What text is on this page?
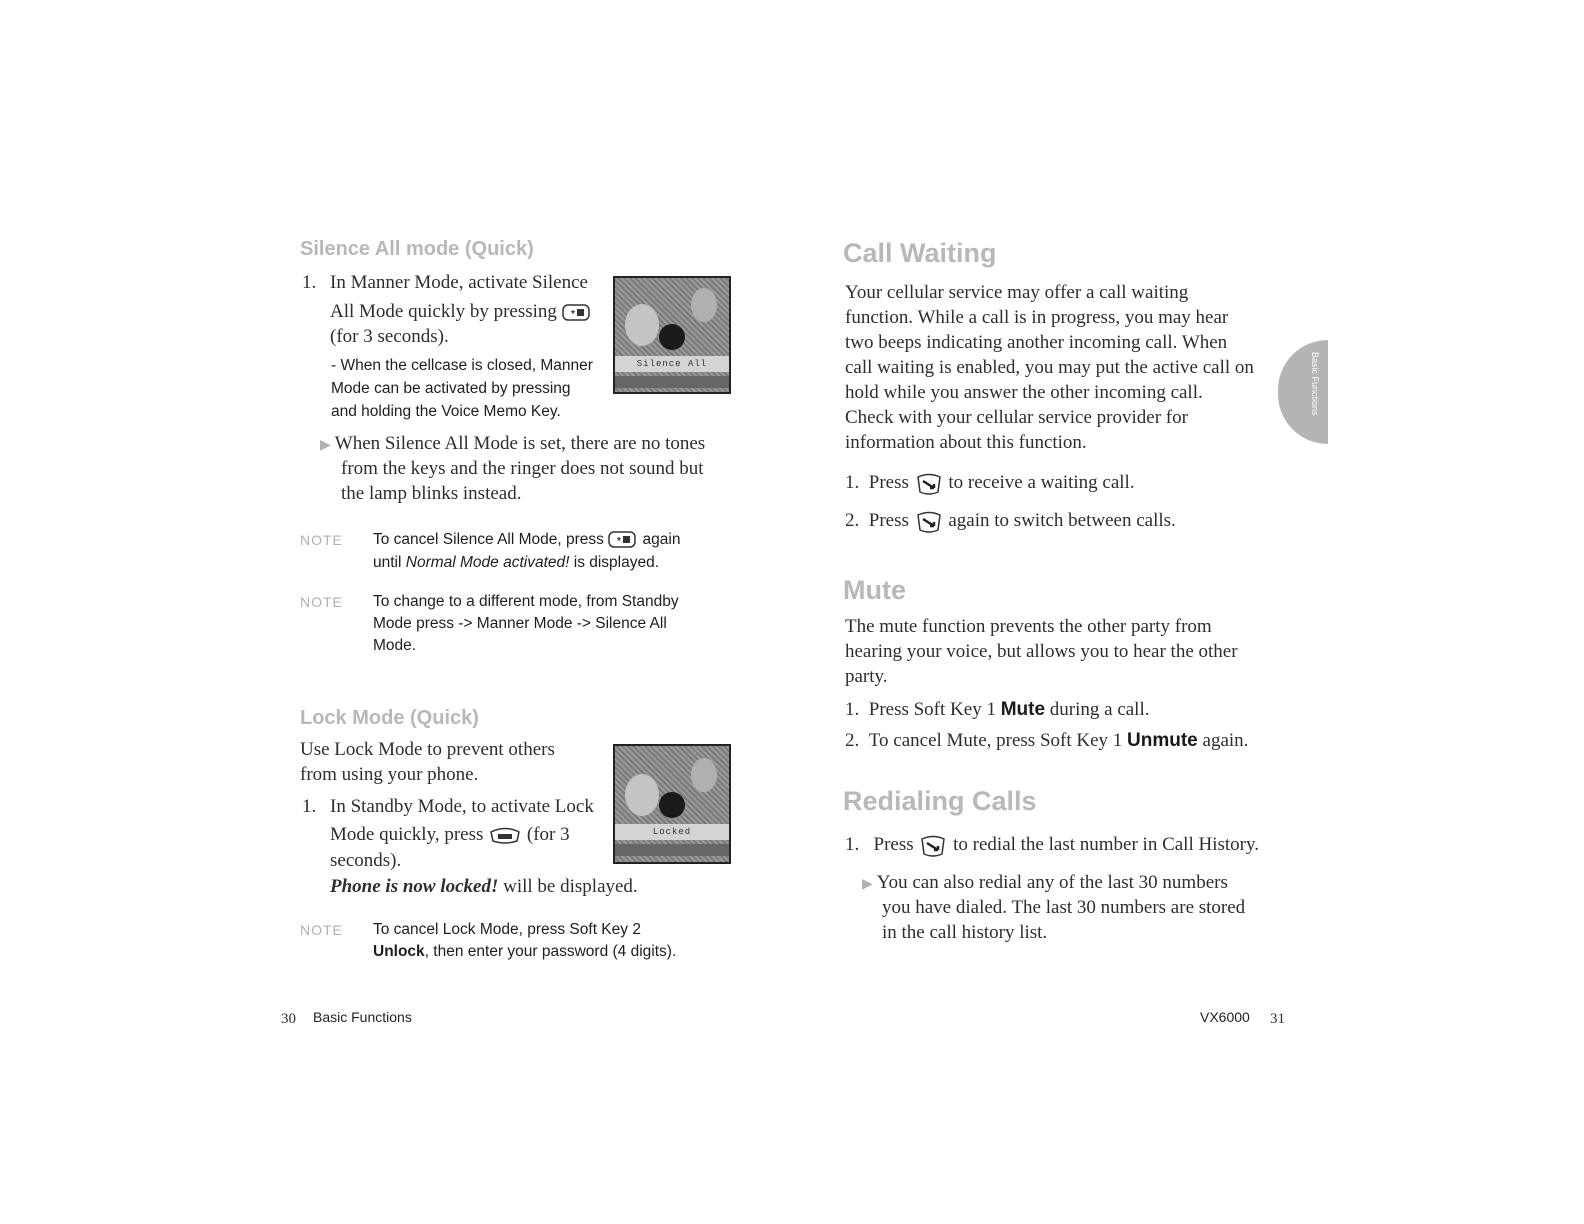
Silence All mode (Quick)
1. In Manner Mode, activate Silence
All Mode quickly by pressing *
(for 3 seconds).
- When the cellcase is closed, Manner
Mode can be activated by pressing
and holding the Voice Memo Key.
Silence All
▶ When Silence All Mode is set, there are no tones
from the keys and the ringer does not sound but
the lamp blinks instead.
NOTE To cancel Silence All Mode, press * again
until Normal Mode activated! is displayed.
NOTE To change to a different mode, from Standby
Mode press -> Manner Mode -> Silence All
Mode.
Lock Mode (Quick)
Use Lock Mode to prevent others
from using your phone.
1. In Standby Mode, to activate Lock
Mode quickly, press (for 3
seconds).
Phone is now locked! will be displayed.
Locked
NOTE To cancel Lock Mode, press Soft Key 2
Unlock, then enter your password (4 digits).
30 Basic Functions
Call Waiting
Your cellular service may offer a call waiting
function. While a call is in progress, you may hear
two beeps indicating another incoming call. When
call waiting is enabled, you may put the active call on
hold while you answer the other incoming call.
Check with your cellular service provider for
information about this function.
1. Press to receive a waiting call.
2. Press again to switch between calls.
Basic Functions
Mute
The mute function prevents the other party from
hearing your voice, but allows you to hear the other
party.
1. Press Soft Key 1 Mute during a call.
2. To cancel Mute, press Soft Key 1 Unmute again.
Redialing Calls
1. Press to redial the last number in Call History.
▶ You can also redial any of the last 30 numbers
you have dialed. The last 30 numbers are stored
in the call history list.
VX6000 31
